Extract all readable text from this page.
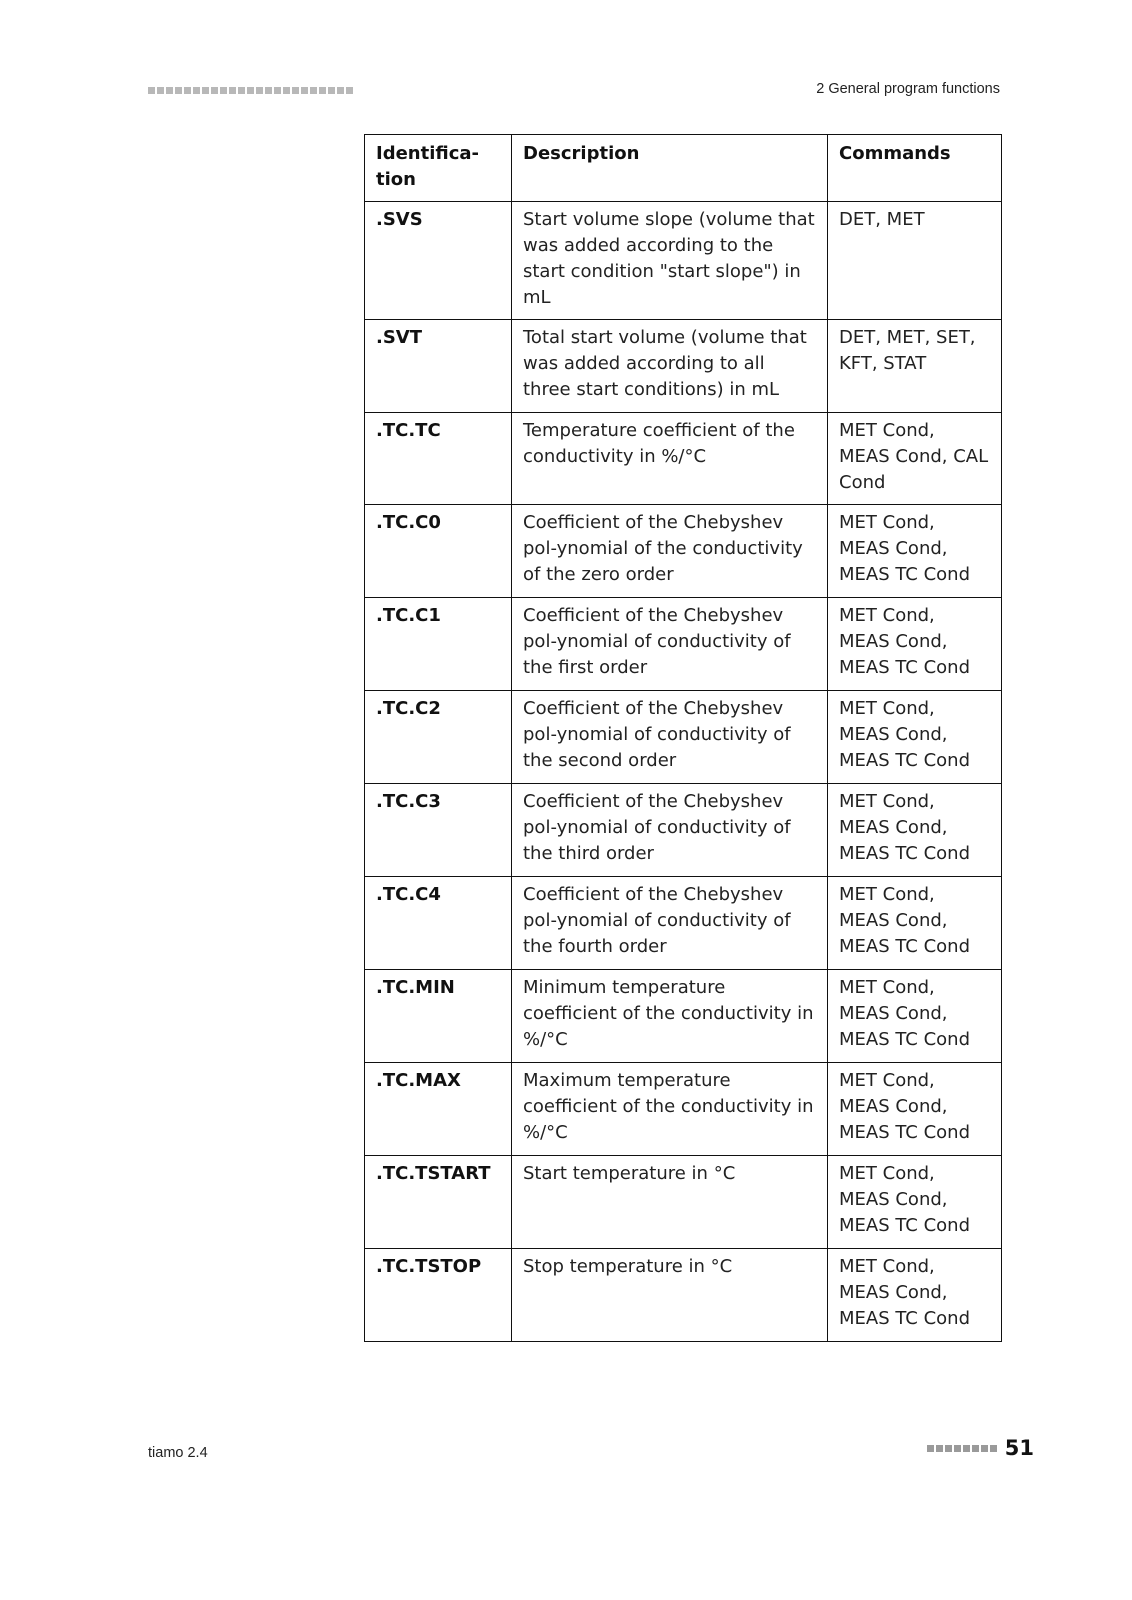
2 General program functions
Identifica-
tion	Description	Commands
.SVS	Start volume slope (volume that was added according to the start condition "start slope") in mL	DET, MET
.SVT	Total start volume (volume that was added according to all three start conditions) in mL	DET, MET, SET, KFT, STAT
.TC.TC	Temperature coefficient of the conductivity in %/°C	MET Cond, MEAS Cond, CAL Cond
.TC.C0	Coefficient of the Chebyshev pol-ynomial of the conductivity of the zero order	MET Cond, MEAS Cond, MEAS TC Cond
.TC.C1	Coefficient of the Chebyshev pol-ynomial of conductivity of the first order	MET Cond, MEAS Cond, MEAS TC Cond
.TC.C2	Coefficient of the Chebyshev pol-ynomial of conductivity of the second order	MET Cond, MEAS Cond, MEAS TC Cond
.TC.C3	Coefficient of the Chebyshev pol-ynomial of conductivity of the third order	MET Cond, MEAS Cond, MEAS TC Cond
.TC.C4	Coefficient of the Chebyshev pol-ynomial of conductivity of the fourth order	MET Cond, MEAS Cond, MEAS TC Cond
.TC.MIN	Minimum temperature coefficient of the conductivity in %/°C	MET Cond, MEAS Cond, MEAS TC Cond
.TC.MAX	Maximum temperature coefficient of the conductivity in %/°C	MET Cond, MEAS Cond, MEAS TC Cond
.TC.TSTART	Start temperature in °C	MET Cond, MEAS Cond, MEAS TC Cond
.TC.TSTOP	Stop temperature in °C	MET Cond, MEAS Cond, MEAS TC Cond
tiamo 2.4	51
